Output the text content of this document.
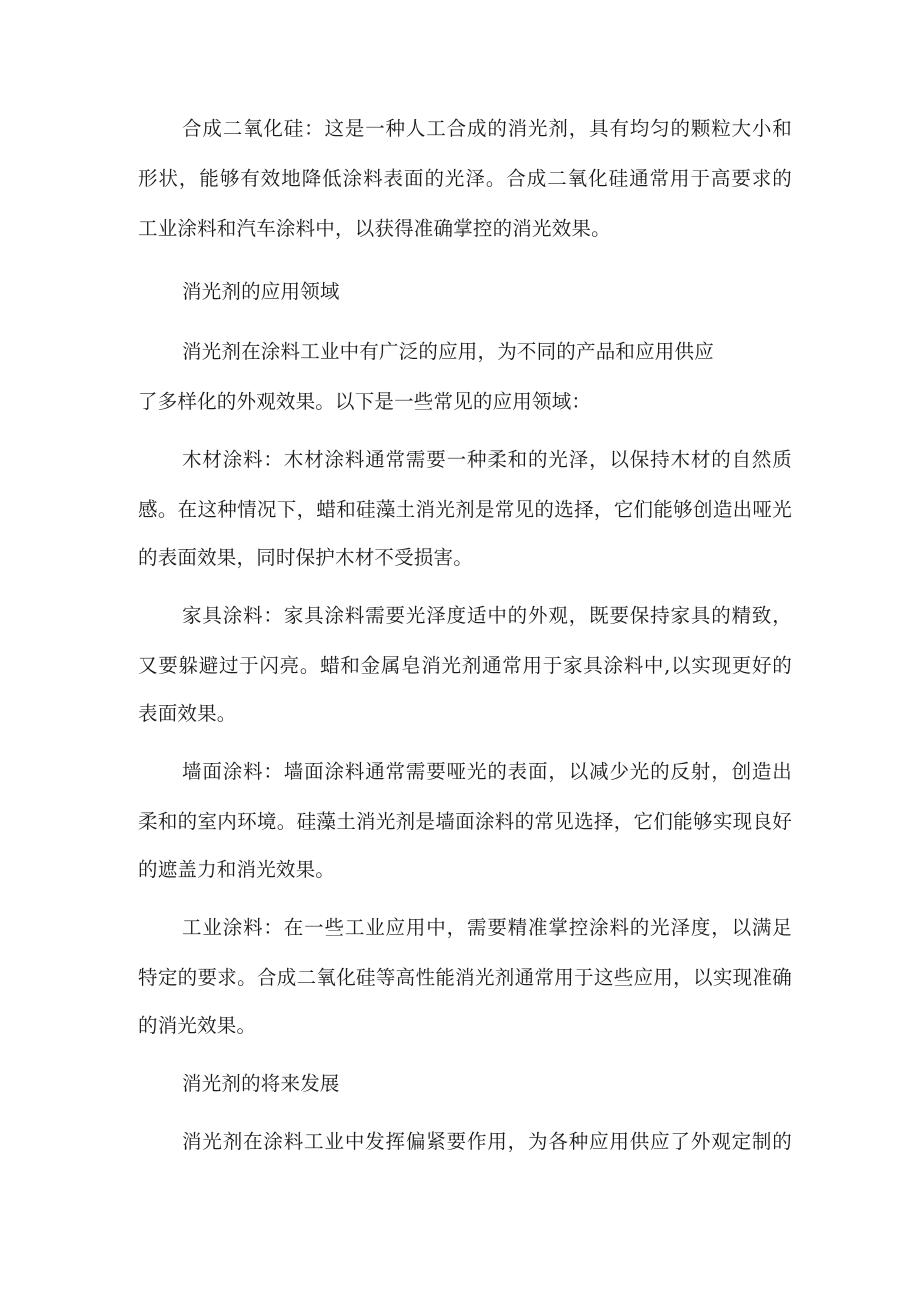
合成二氧化硅：这是一种人工合成的消光剂，具有均匀的颗粒大小和
形状，能够有效地降低涂料表面的光泽。合成二氧化硅通常用于高要求的
工业涂料和汽车涂料中，以获得准确掌控的消光效果。
消光剂的应用领域
消光剂在涂料工业中有广泛的应用，为不同的产品和应用供应
了多样化的外观效果。以下是一些常见的应用领域：
木材涂料：木材涂料通常需要一种柔和的光泽，以保持木材的自然质
感。在这种情况下，蜡和硅藻土消光剂是常见的选择，它们能够创造出哑光
的表面效果，同时保护木材不受损害。
家具涂料：家具涂料需要光泽度适中的外观，既要保持家具的精致，
又要躲避过于闪亮。蜡和金属皂消光剂通常用于家具涂料中,以实现更好的
表面效果。
墙面涂料：墙面涂料通常需要哑光的表面，以减少光的反射，创造出
柔和的室内环境。硅藻土消光剂是墙面涂料的常见选择，它们能够实现良好
的遮盖力和消光效果。
工业涂料：在一些工业应用中，需要精准掌控涂料的光泽度，以满足
特定的要求。合成二氧化硅等高性能消光剂通常用于这些应用，以实现准确
的消光效果。
消光剂的将来发展
消光剂在涂料工业中发挥偏紧要作用，为各种应用供应了外观定制的
